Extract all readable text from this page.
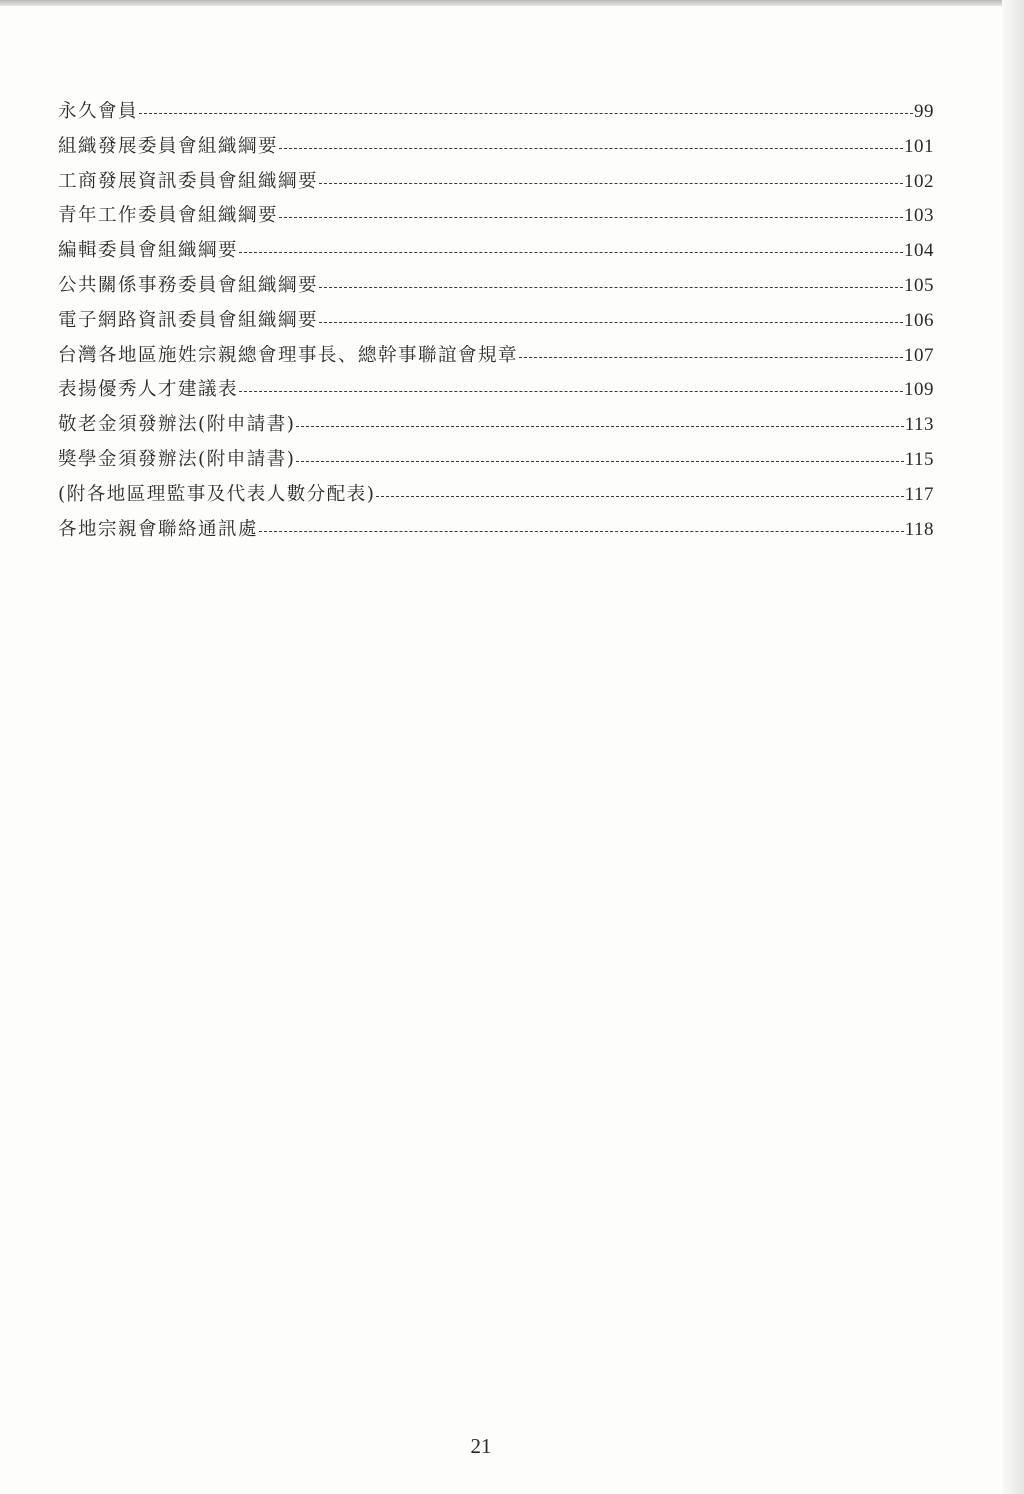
永久會員	99
組織發展委員會組織綱要	101
工商發展資訊委員會組織綱要	102
青年工作委員會組織綱要	103
編輯委員會組織綱要	104
公共關係事務委員會組織綱要	105
電子網路資訊委員會組織綱要	106
台灣各地區施姓宗親總會理事長、總幹事聯誼會規章	107
表揚優秀人才建議表	109
敬老金須發辦法(附申請書)	113
獎學金須發辦法(附申請書)	115
(附各地區理監事及代表人數分配表)	117
各地宗親會聯絡通訊處	118
21
